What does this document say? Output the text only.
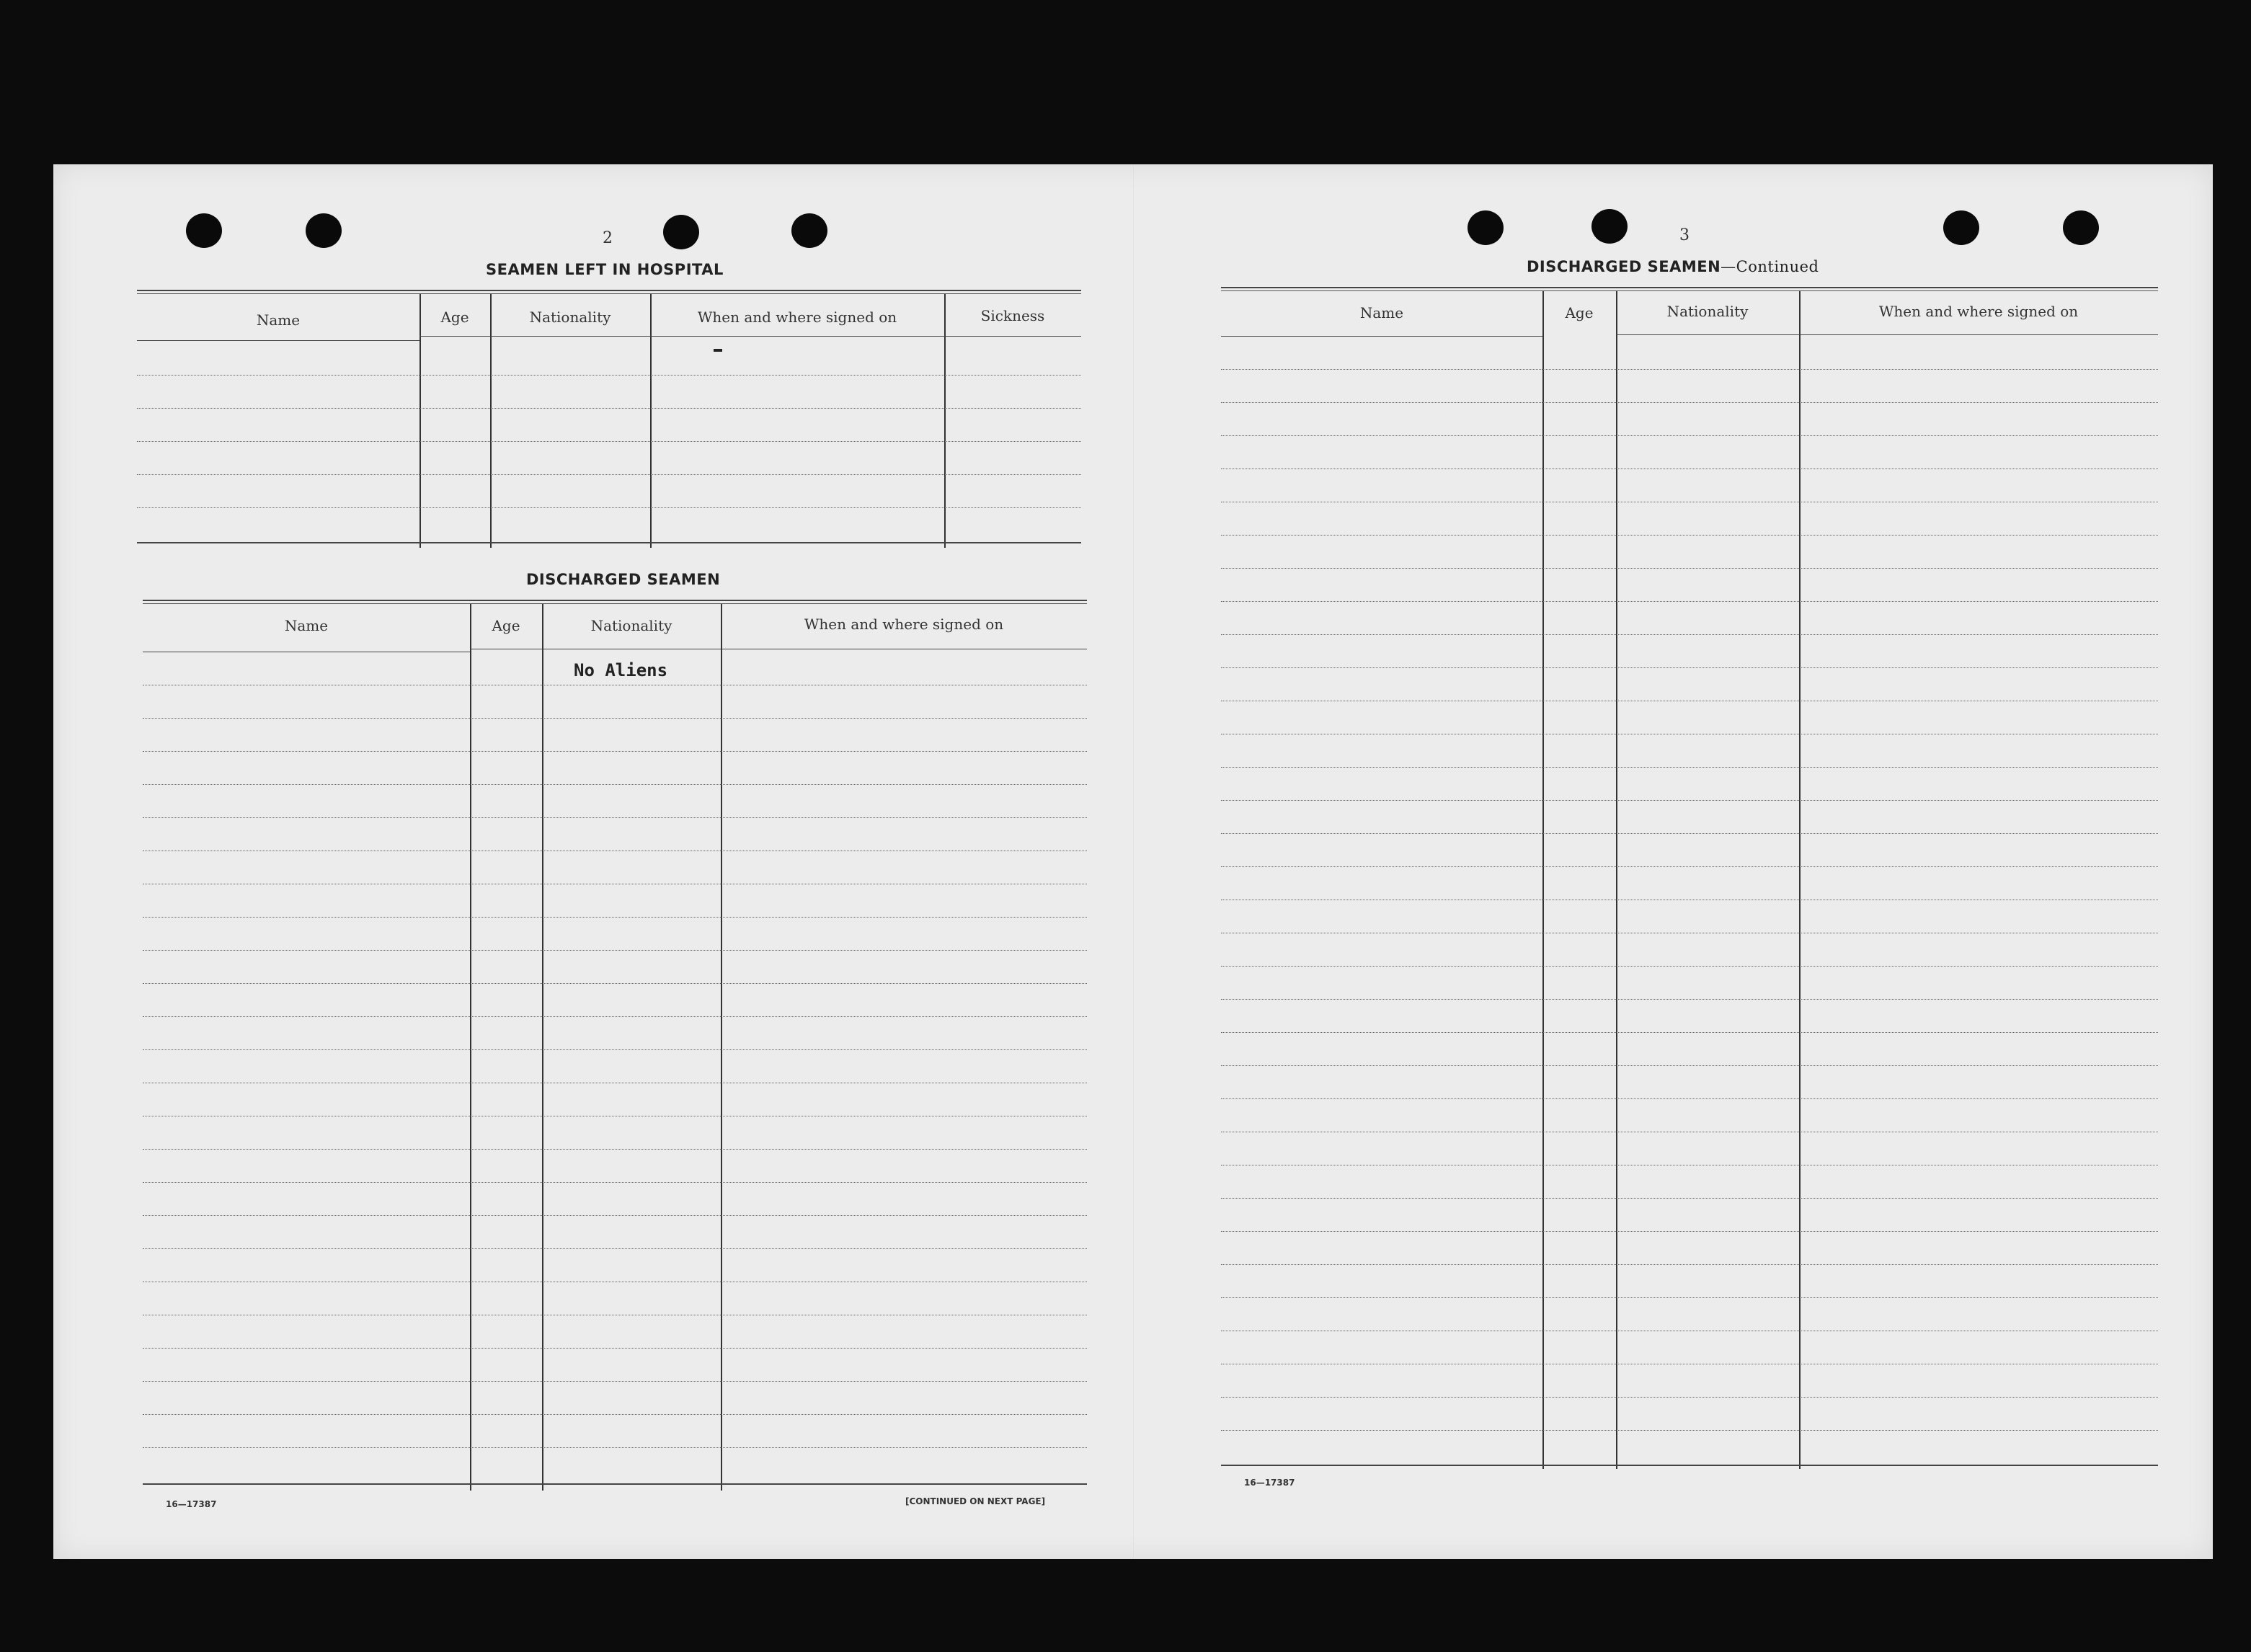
2
SEAMEN LEFT IN HOSPITAL
Name	Age	Nationality	When and where signed on	Sickness
DISCHARGED SEAMEN
Name	Age	Nationality	When and where signed on
No Aliens
16—17387	[CONTINUED ON NEXT PAGE]
3
DISCHARGED SEAMEN—Continued
Name	Age	Nationality	When and where signed on
16—17387
